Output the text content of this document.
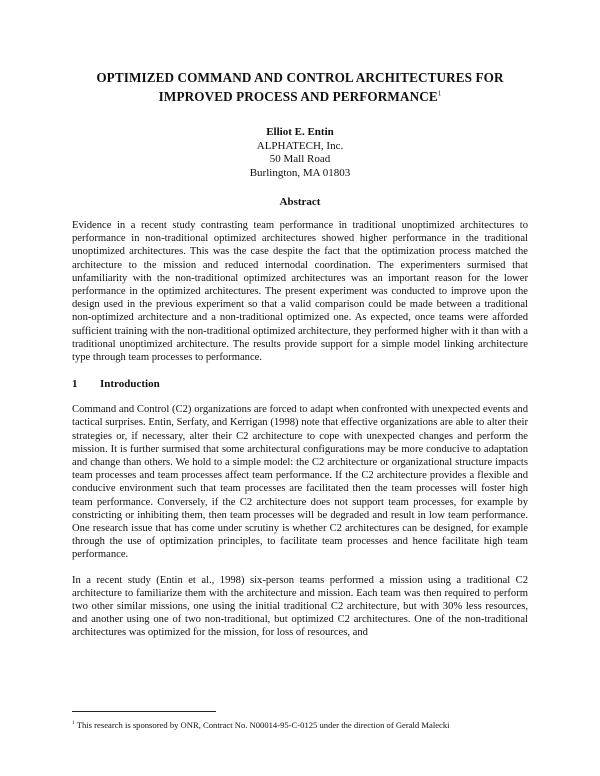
OPTIMIZED COMMAND AND CONTROL ARCHITECTURES FOR
IMPROVED PROCESS AND PERFORMANCE$^1$
Elliot E. Entin
ALPHATECH, Inc.
50 Mall Road
Burlington, MA 01803
Abstract

Evidence in a recent study contrasting team performance in traditional unoptimized architectures to performance in non-traditional optimized architectures showed higher performance in the traditional unoptimized architectures. This was the case despite the fact that the optimization process matched the architecture to the mission and reduced internodal coordination. The experimenters surmised that unfamiliarity with the non-traditional optimized architectures was an important reason for the lower performance in the optimized architectures. The present experiment was conducted to improve upon the design used in the previous experiment so that a valid comparison could be made between a traditional non-optimized architecture and a non-traditional optimized one. As expected, once teams were afforded sufficient training with the non-traditional optimized architecture, they performed higher with it than with a traditional unoptimized architecture. The results provide support for a simple model linking architecture type through team processes to performance.

1 Introduction

Command and Control (C2) organizations are forced to adapt when confronted with unexpected events and tactical surprises. Entin, Serfaty, and Kerrigan (1998) note that effective organizations are able to alter their strategies or, if necessary, alter their C2 architecture to cope with unexpected changes and perform the mission. It is further surmised that some architectural configurations may be more conducive to adaptation and change than others. We hold to a simple model: the C2 architecture or organizational structure impacts team processes and team processes affect team performance. If the C2 architecture provides a flexible and conducive environment such that team processes are facilitated then the team processes will foster high team performance. Conversely, if the C2 architecture does not support team processes, for example by constricting or inhibiting them, then team processes will be degraded and result in low team performance. One research issue that has come under scrutiny is whether C2 architectures can be designed, for example through the use of optimization principles, to facilitate team processes and hence facilitate high team performance.

In a recent study (Entin et al., 1998) six-person teams performed a mission using a traditional C2 architecture to familiarize them with the architecture and mission. Each team was then required to perform two other similar missions, one using the initial traditional C2 architecture, but with 30% less resources, and another using one of two non-traditional, but optimized C2 architectures. One of the non-traditional architectures was optimized for the mission, for loss of resources, and

$^1$ This research is sponsored by ONR, Contract No. N00014-95-C-0125 under the direction of Gerald Malecki
